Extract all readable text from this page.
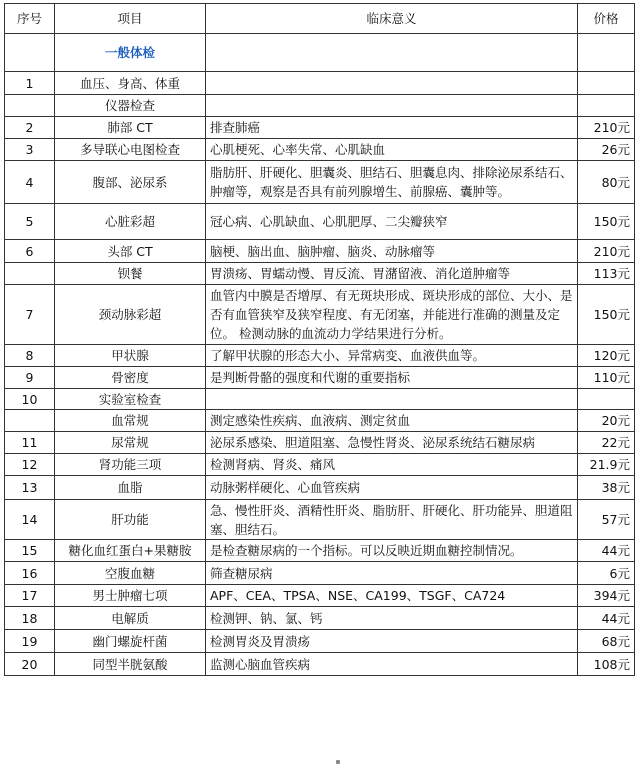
序号	项目	临床意义	价格
	一般体检		
1	血压、身高、体重		
	仪器检查		
2	肺部 CT	排查肺癌	210元
3	多导联心电图检查	心肌梗死、心率失常、心肌缺血	26元
4	腹部、泌尿系	脂肪肝、肝硬化、胆囊炎、胆结石、胆囊息肉、排除泌尿系结石、肿瘤等，观察是否具有前列腺增生、前腺癌、囊肿等。	80元
5	心脏彩超	冠心病、心肌缺血、心肌肥厚、二尖瓣狭窄	150元
6	头部 CT	脑梗、脑出血、脑肿瘤、脑炎、动脉瘤等	210元
	钡餐	胃溃疡、胃蠕动慢、胃反流、胃潴留液、消化道肿瘤等	113元
7	颈动脉彩超	血管内中膜是否增厚、有无斑块形成、斑块形成的部位、大小、是否有血管狭窄及狭窄程度、有无闭塞，并能进行准确的测量及定位。 检测动脉的血流动力学结果进行分析。	150元
8	甲状腺	了解甲状腺的形态大小、异常病变、血液供血等。	120元
9	骨密度	是判断骨骼的强度和代谢的重要指标	110元
10	实验室检查		
	血常规	测定感染性疾病、血液病、测定贫血	20元
11	尿常规	泌尿系感染、胆道阻塞、急慢性肾炎、泌尿系统结石糖尿病	22元
12	肾功能三项	检测肾病、肾炎、痛风	21.9元
13	血脂	动脉粥样硬化、心血管疾病	38元
14	肝功能	急、慢性肝炎、酒精性肝炎、脂肪肝、肝硬化、肝功能异、胆道阻塞、胆结石。	57元
15	糖化血红蛋白+果糖胺	是检查糖尿病的一个指标。可以反映近期血糖控制情况。	44元
16	空腹血糖	筛查糖尿病	6元
17	男士肿瘤七项	APF、CEA、TPSA、NSE、CA199、TSGF、CA724	394元
18	电解质	检测钾、钠、氯、钙	44元
19	幽门螺旋杆菌	检测胃炎及胃溃疡	68元
20	同型半胱氨酸	监测心脑血管疾病	108元
